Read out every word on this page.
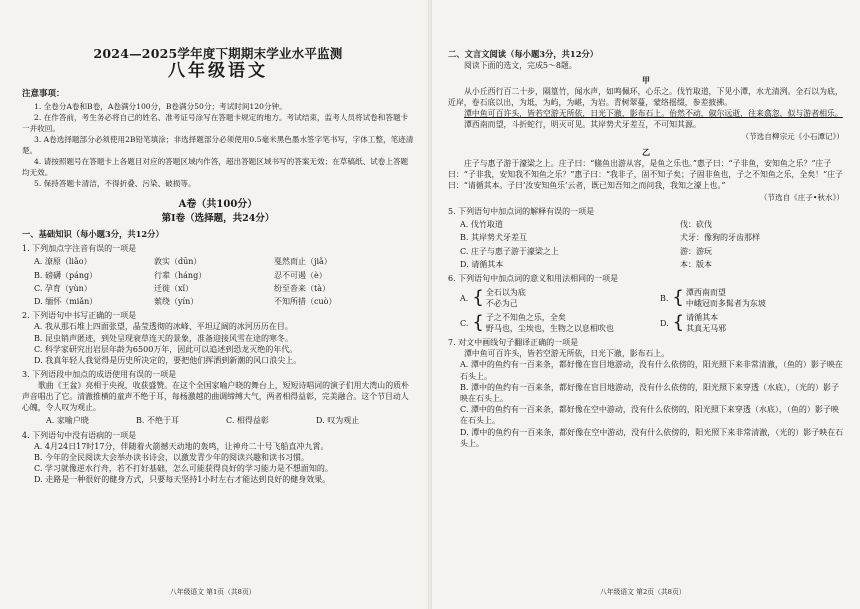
2024—2025学年度下期期末学业水平监测
八年级语文
注意事项：

1. 全卷分A卷和B卷，A卷满分100分，B卷满分50分；考试时间120分钟。

2. 在作答前，考生务必将自己的姓名、准考证号涂写在答题卡规定的地方。考试结束，监考人员将试卷和答题卡一并收回。

3. A卷选择题部分必须使用2B铅笔填涂；非选择题部分必须使用0.5毫米黑色墨水签字笔书写，字体工整，笔迹清楚。

4. 请按照题号在答题卡上各题目对应的答题区域内作答，超出答题区域书写的答案无效；在草稿纸、试卷上答题均无效。

5. 保持答题卡清洁，不得折叠、污染、破损等。

A卷（共100分）
第Ⅰ卷（选择题，共24分）
一、基础知识（每小题3分，共12分）
1. 下列加点字注音有误的一项是
A. 潦原（liǎo）	敦实（dūn）	戛然而止（jiǎ）
B. 磅礴（páng）	行辈（háng）	忍不可遏（è）
C. 孕育（yùn）	迁徙（xǐ）	纷至沓来（tà）
D. 缅怀（miǎn）	萦绕（yín）	不知所措（cuò）
2. 下列语句中书写正确的一项是
A. 我从那石堆上四面张望，晶莹透彻的冰峰、平坦辽阔的冰河历历在目。
B. 昆虫销声匿迹，到处呈现衰草连天的景象，准备迎接风雪在途的寒冬。
C. 科学家研究出岩层年龄为6500万年，因此可以追述到恐龙灭绝的年代。
D. 我真年轻人我觉得是历史所决定的，要把他们挥洒到新潮的风口浪尖上。
3. 下列语段中加点的成语使用有误的一项是
歌曲《王盆》亮相于央视，收获盛赞。在这个全国家喻户晓的舞台上，短短诗唱词的演子们用大湾山的质朴声音唱出了它。清澈推横的童声不绝于耳，每杨激越的曲调缔缚大气，两者相得益彰，完美融合。这个节目动人心魄，令人叹为观止。
A. 家喻户晓	B. 不绝于耳	C. 相得益彰	D. 叹为观止
4. 下列语句中没有语病的一项是
A. 4月24日17时17分，伴随着火箭撼天动地的轰鸣，让神舟二十号飞船直冲九霄。
B. 今年的全民阅读大会举办读书诗会，以激发青少年的阅读兴趣和读书习惯。
C. 学习就像逆水行舟，若不打好基础，怎么可能获得良好的学习能力是不想面知的。
D. 走路是一种很好的健身方式，只要每天坚持1小时左右才能达到良好的健身效果。
八年级语文 第1页（共8页）
二、文言文阅读（每小题3分，共12分）
阅读下面的选文，完成5～8题。
甲
从小丘西行百二十步，隔篁竹，闻水声，如鸣佩环，心乐之。伐竹取道，下见小潭，水尤清洌。全石以为底，近岸，卷石底以出，为坻，为屿，为嵁，为岩。青树翠蔓，蒙络摇缀，参差披拂。
潭中鱼可百许头，皆若空游无所依，日光下澈，影布石上。佁然不动，俶尔远逝，往来翕忽，似与游者相乐。
潭西南而望，斗折蛇行，明灭可见。其岸势犬牙差互，不可知其源。
（节选自柳宗元《小石潭记》）
乙
庄子与惠子游于濠梁之上。庄子曰：“鯈鱼出游从容，是鱼之乐也。”惠子曰：“子非鱼，安知鱼之乐？”庄子曰：“子非我，安知我不知鱼之乐？”惠子曰：“我非子，固不知子矣；子固非鱼也，子之不知鱼之乐，全矣！”庄子曰：“请循其本。子曰‘汝安知鱼乐’云者，既已知吾知之而问我，我知之濠上也。”
（节选自《庄子•秋水》）
5. 下列语句中加点词的解释有误的一项是
A. 伐竹取道	伐：砍伐
B. 其岸势犬牙差互	犬牙：像狗的牙齿那样
C. 庄子与惠子游于濠梁之上	游：游玩
D. 请循其本	本：版本
6. 下列语句中加点词的意义和用法相同的一项是
A. { 全石以为底
不必为己
B. { 潭西南而望
中峨冠而多髯者为东坡
C. { 子之不知鱼之乐，全矣
野马也，尘埃也，生物之以息相吹也
D. { 请循其本
其真无马邪
7. 对文中画线句子翻译正确的一项是
潭中鱼可百许头，皆若空游无所依，日光下澈，影布石上。
A. 潭中的鱼约有一百来条，都好像在盲目地游动，没有什么依傍的，阳光照下来非常清澈，（鱼的）影子映在石头上。
B. 潭中的鱼约有一百来条，都好像在盲目地游动，没有什么依傍的，阳光照下来穿透（水底），（光的）影子映在石头上。
C. 潭中的鱼约有一百来条，都好像在空中游动，没有什么依傍的，阳光照下来穿透（水底），（鱼的）影子映在石头上。
D. 潭中的鱼约有一百来条，都好像在空中游动，没有什么依傍的，阳光照下来非常清澈，（光的）影子映在石头上。
八年级语文 第2页（共8页）
